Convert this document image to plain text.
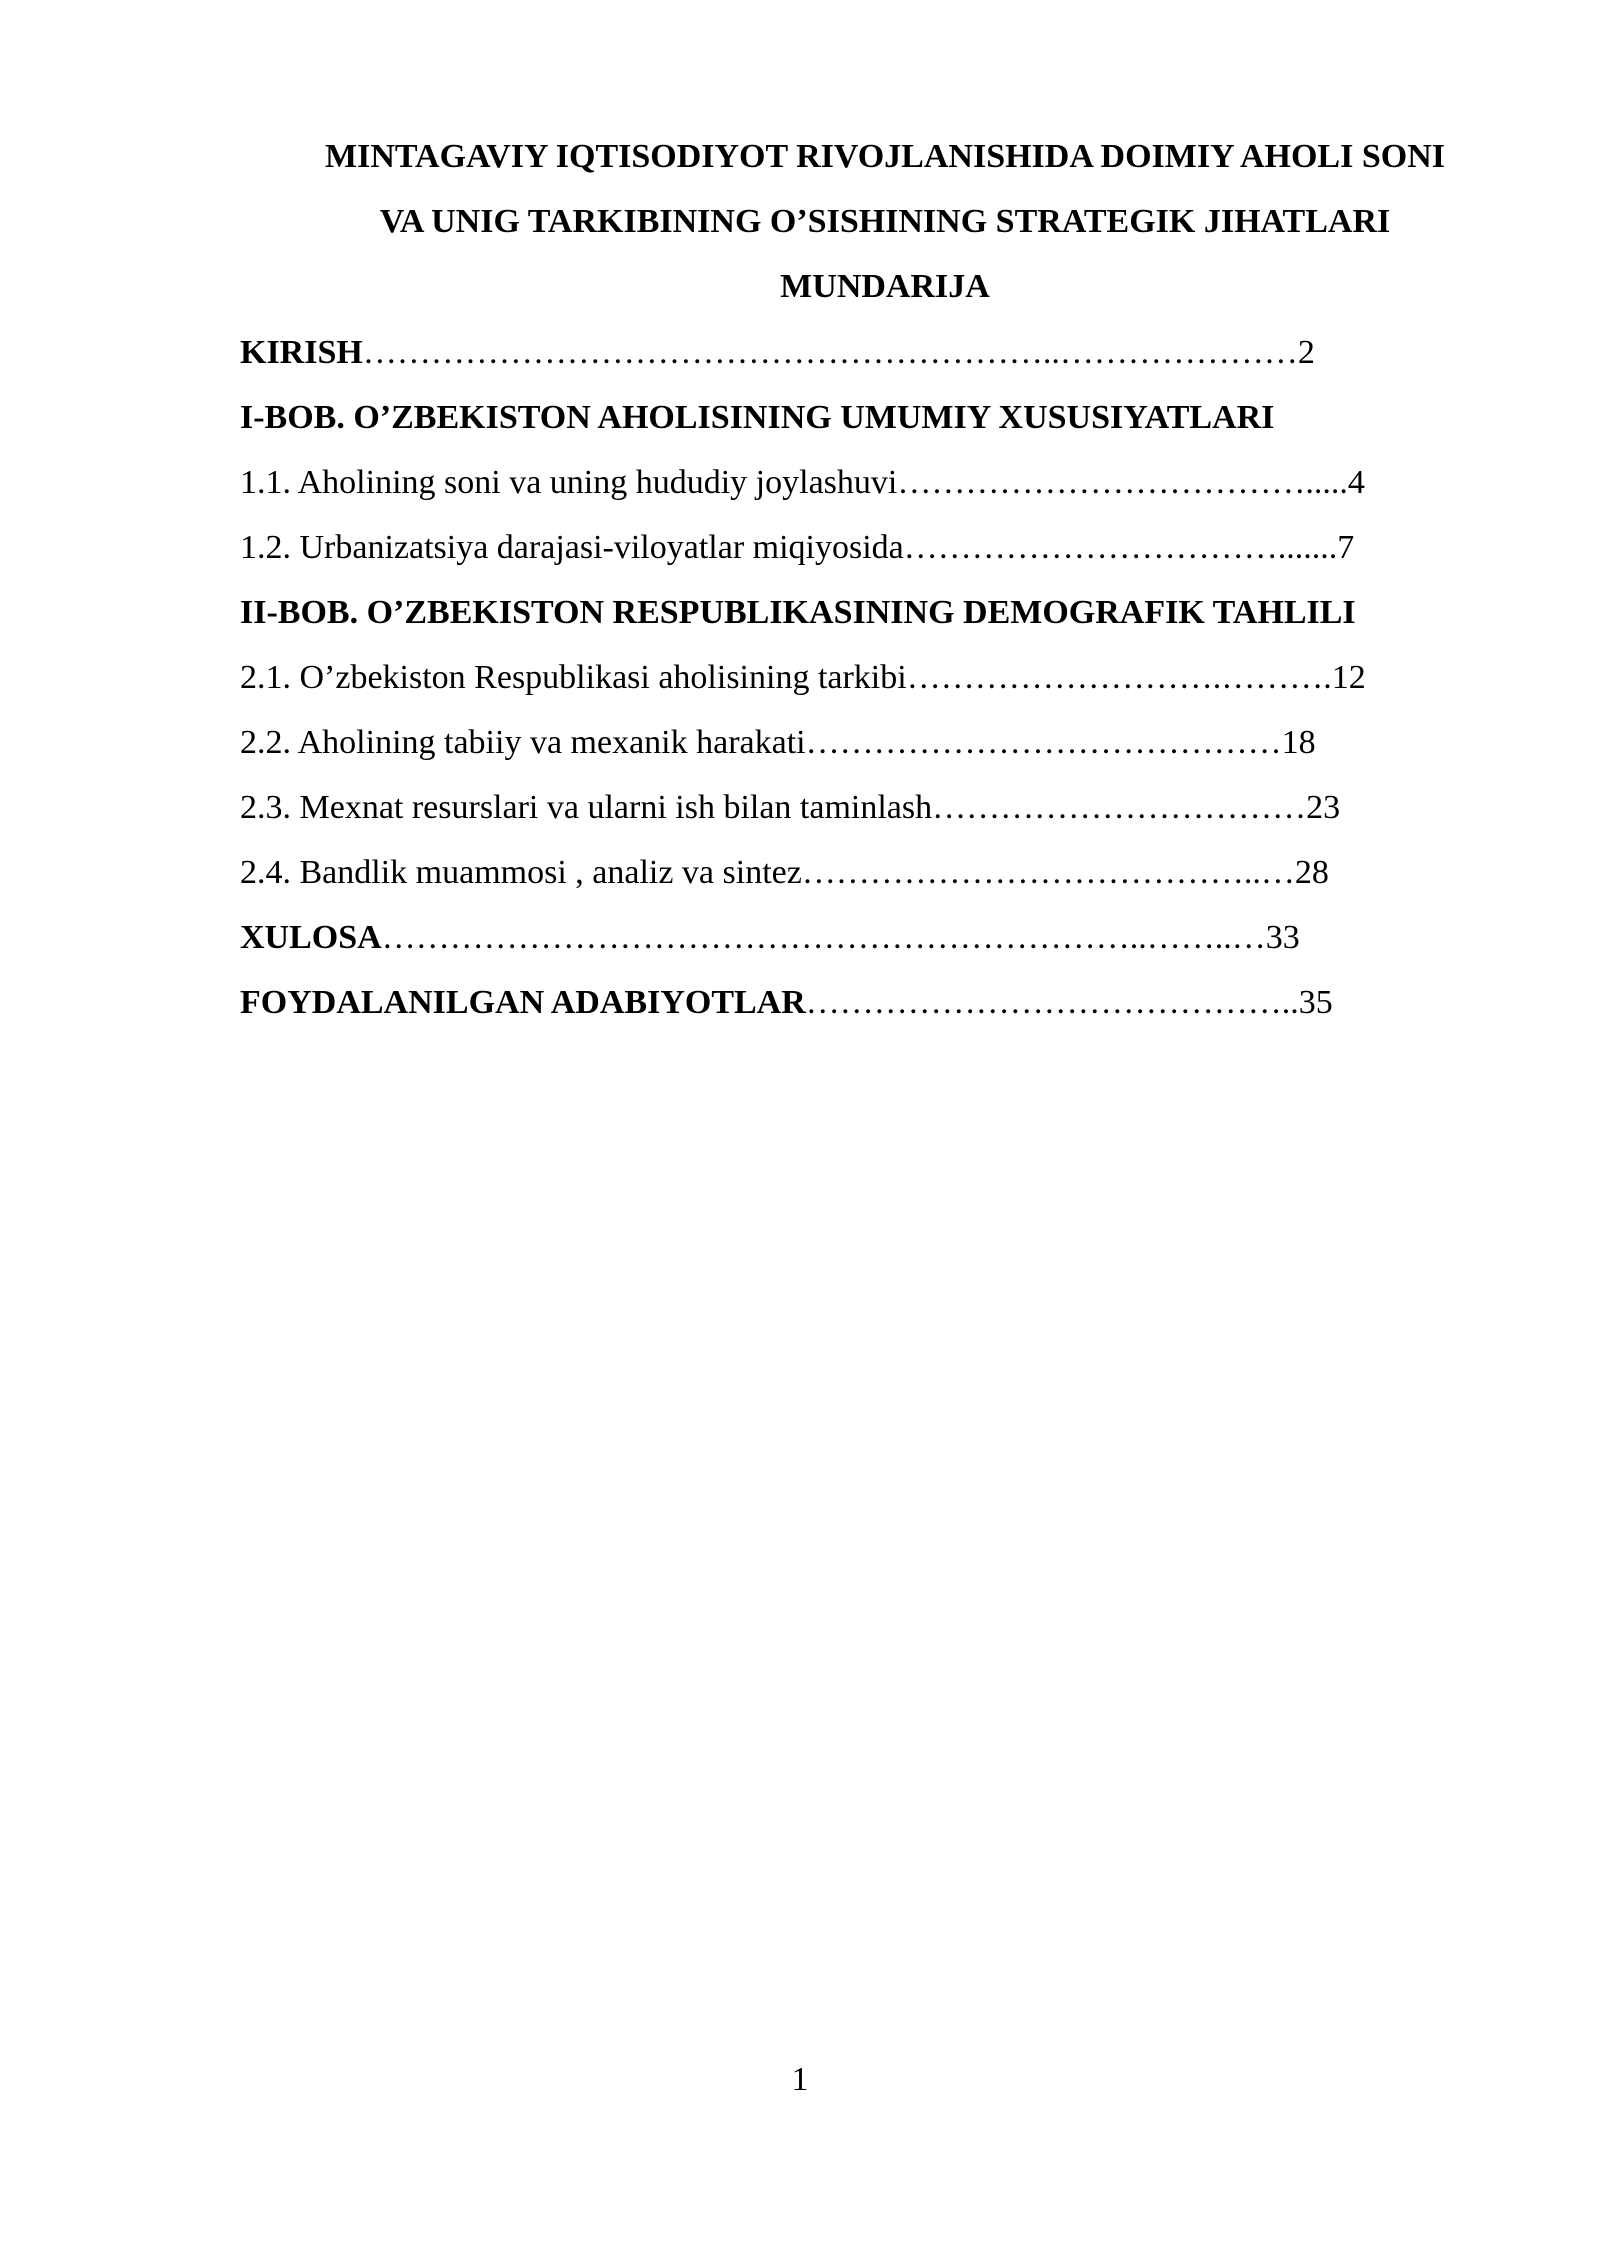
MINTAGAVIY IQTISODIYOT RIVOJLANISHIDA DOIMIY AHOLI SONI
VA UNIG TARKIBINING O’SISHINING STRATEGIK JIHATLARI
MUNDARIJA
KIRISH……………………………………………………..…………………2
I-BOB. O’ZBEKISTON AHOLISINING UMUMIY XUSUSIYATLARI
1.1. Aholining soni va uning hududiy joylashuvi……………………………….....4
1.2. Urbanizatsiya darajasi-viloyatlar miqiyosida…………………………….......7
II-BOB. O’ZBEKISTON RESPUBLIKASINING DEMOGRAFIK TAHLILI
2.1. O’zbekiston Respublikasi aholisining tarkibi……………………….……….12
2.2. Aholining tabiiy va mexanik harakati……………………………………18
2.3. Mexnat resurslari va ularni ish bilan taminlash……………………………23
2.4. Bandlik muammosi , analiz va sintez…………………………………..…28
XULOSA…………………………………………………………..……..…33
FOYDALANILGAN ADABIYOTLAR……………………………………..35
1
